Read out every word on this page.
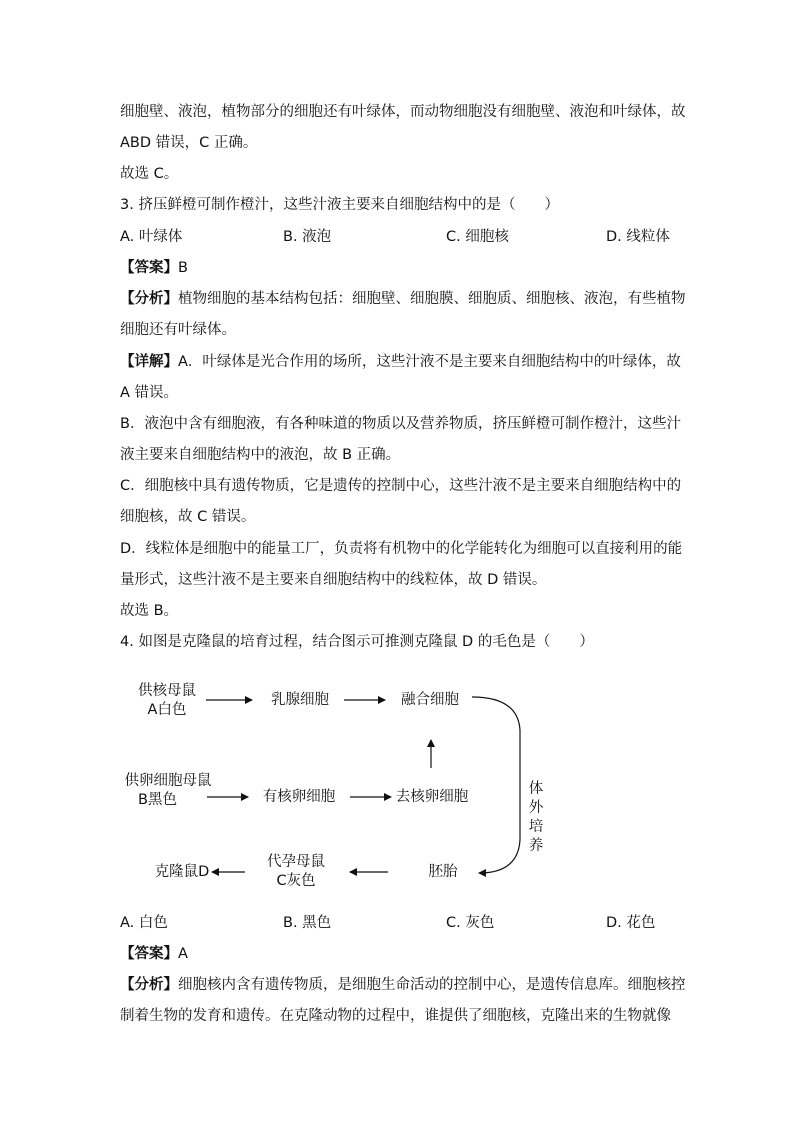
细胞壁、液泡，植物部分的细胞还有叶绿体，而动物细胞没有细胞壁、液泡和叶绿体，故
ABD 错误，C 正确。
故选 C。
3. 挤压鲜橙可制作橙汁，这些汁液主要来自细胞结构中的是（　　）
A. 叶绿体	B. 液泡	C. 细胞核	D. 线粒体
【答案】B
【分析】植物细胞的基本结构包括：细胞壁、细胞膜、细胞质、细胞核、液泡，有些植物
细胞还有叶绿体。
【详解】A．叶绿体是光合作用的场所，这些汁液不是主要来自细胞结构中的叶绿体，故
A 错误。
B．液泡中含有细胞液，有各种味道的物质以及营养物质，挤压鲜橙可制作橙汁，这些汁
液主要来自细胞结构中的液泡，故 B 正确。
C．细胞核中具有遗传物质，它是遗传的控制中心，这些汁液不是主要来自细胞结构中的
细胞核，故 C 错误。
D．线粒体是细胞中的能量工厂，负责将有机物中的化学能转化为细胞可以直接利用的能
量形式，这些汁液不是主要来自细胞结构中的线粒体，故 D 错误。
故选 B。
4. 如图是克隆鼠的培育过程，结合图示可推测克隆鼠 D 的毛色是（　　）
供核母鼠
A白色
乳腺细胞	融合细胞
供卵细胞母鼠
B黑色	有核卵细胞	去核卵细胞	体
外
培
养
克隆鼠D
代孕母鼠
C灰色
胚胎
A. 白色	B. 黑色	C. 灰色	D. 花色
【答案】A
【分析】细胞核内含有遗传物质，是细胞生命活动的控制中心，是遗传信息库。细胞核控
制着生物的发育和遗传。在克隆动物的过程中，谁提供了细胞核，克隆出来的生物就像
